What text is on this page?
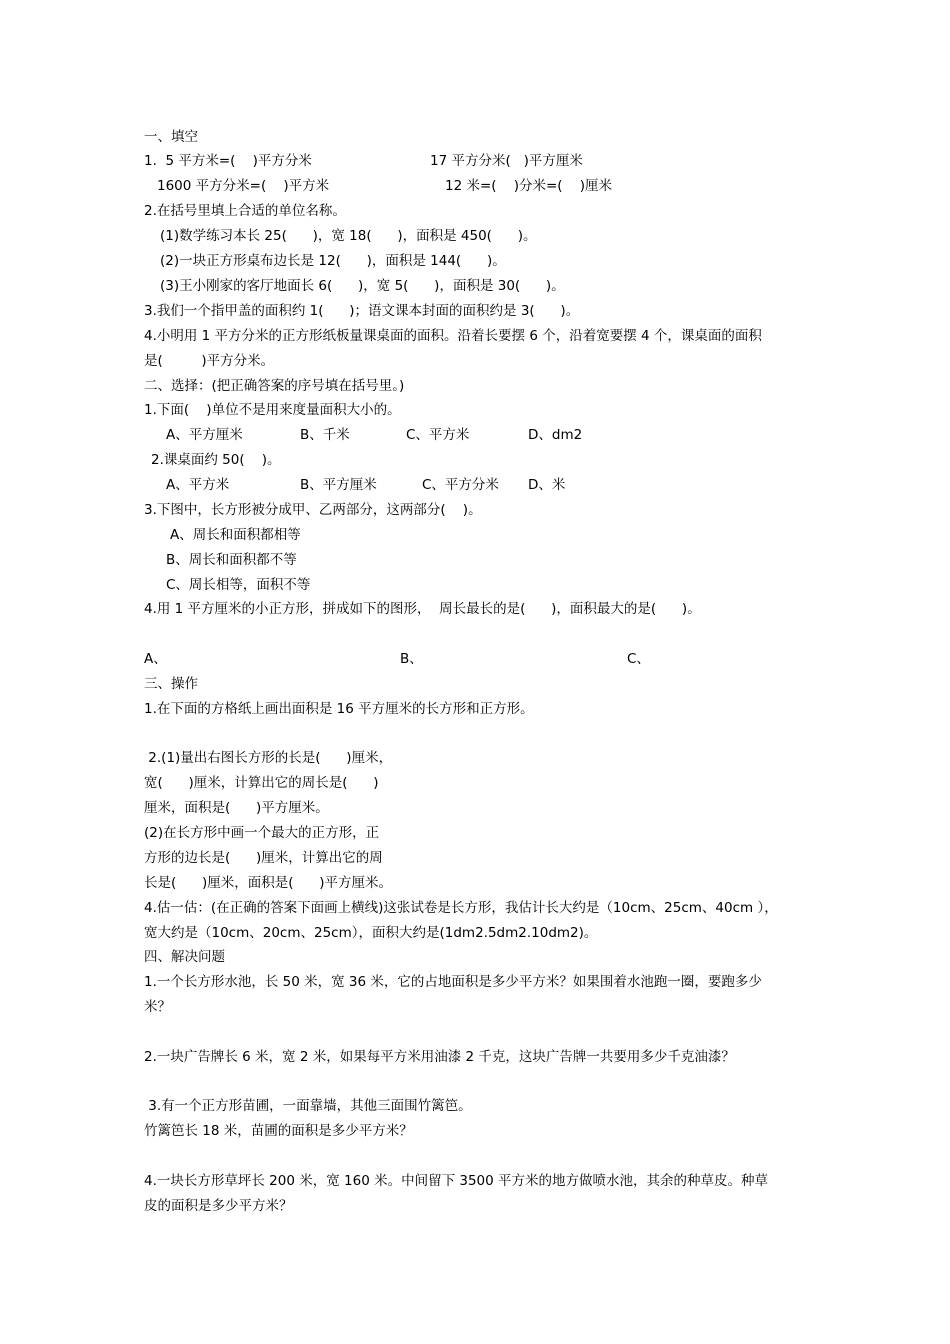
一、填空
1.  5 平方米=(    )平方分米	17 平方分米(   )平方厘米
1600 平方分米=(    )平方米	12 米=(    )分米=(    )厘米
2.在括号里填上合适的单位名称。
(1)数学练习本长 25(      )，宽 18(      )，面积是 450(      )。
(2)一块正方形桌布边长是 12(      )，面积是 144(      )。
(3)王小刚家的客厅地面长 6(      )，宽 5(      )，面积是 30(      )。
3.我们一个指甲盖的面积约 1(      )；语文课本封面的面积约是 3(      )。
4.小明用 1 平方分米的正方形纸板量课桌面的面积。沿着长要摆 6 个，沿着宽要摆 4 个，课桌面的面积
是(         )平方分米。
二、选择：(把正确答案的序号填在括号里。)
1.下面(    )单位不是用来度量面积大小的。
A、平方厘米	B、千米	C、平方米	D、dm2
2.课桌面约 50(    )。
A、平方米	B、平方厘米	C、平方分米 D、米
3.下图中，长方形被分成甲、乙两部分，这两部分(    )。
A、周长和面积都相等
B、周长和面积都不等
C、周长相等，面积不等
4.用 1 平方厘米的小正方形，拼成如下的图形，  周长最长的是(      )，面积最大的是(      )。
A、	B、	C、
三、操作
1.在下面的方格纸上画出面积是 16 平方厘米的长方形和正方形。
2.(1)量出右图长方形的长是(      )厘米，
宽(      )厘米，计算出它的周长是(      )
厘米，面积是(      )平方厘米。
(2)在长方形中画一个最大的正方形，正
方形的边长是(      )厘米，计算出它的周
长是(      )厘米，面积是(      )平方厘米。
4.估一估：(在正确的答案下面画上横线)这张试卷是长方形，我估计长大约是（10cm、25cm、40cm ），
宽大约是（10cm、20cm、25cm），面积大约是(1dm2.5dm2.10dm2)。
四、解决问题
1.一个长方形水池，长 50 米，宽 36 米，它的占地面积是多少平方米？如果围着水池跑一圈，要跑多少
米？
2.一块广告牌长 6 米，宽 2 米，如果每平方米用油漆 2 千克，这块广告牌一共要用多少千克油漆？
3.有一个正方形苗圃，一面靠墙，其他三面围竹篱笆。
竹篱笆长 18 米，苗圃的面积是多少平方米？
4.一块长方形草坪长 200 米，宽 160 米。中间留下 3500 平方米的地方做喷水池，其余的种草皮。种草
皮的面积是多少平方米？
